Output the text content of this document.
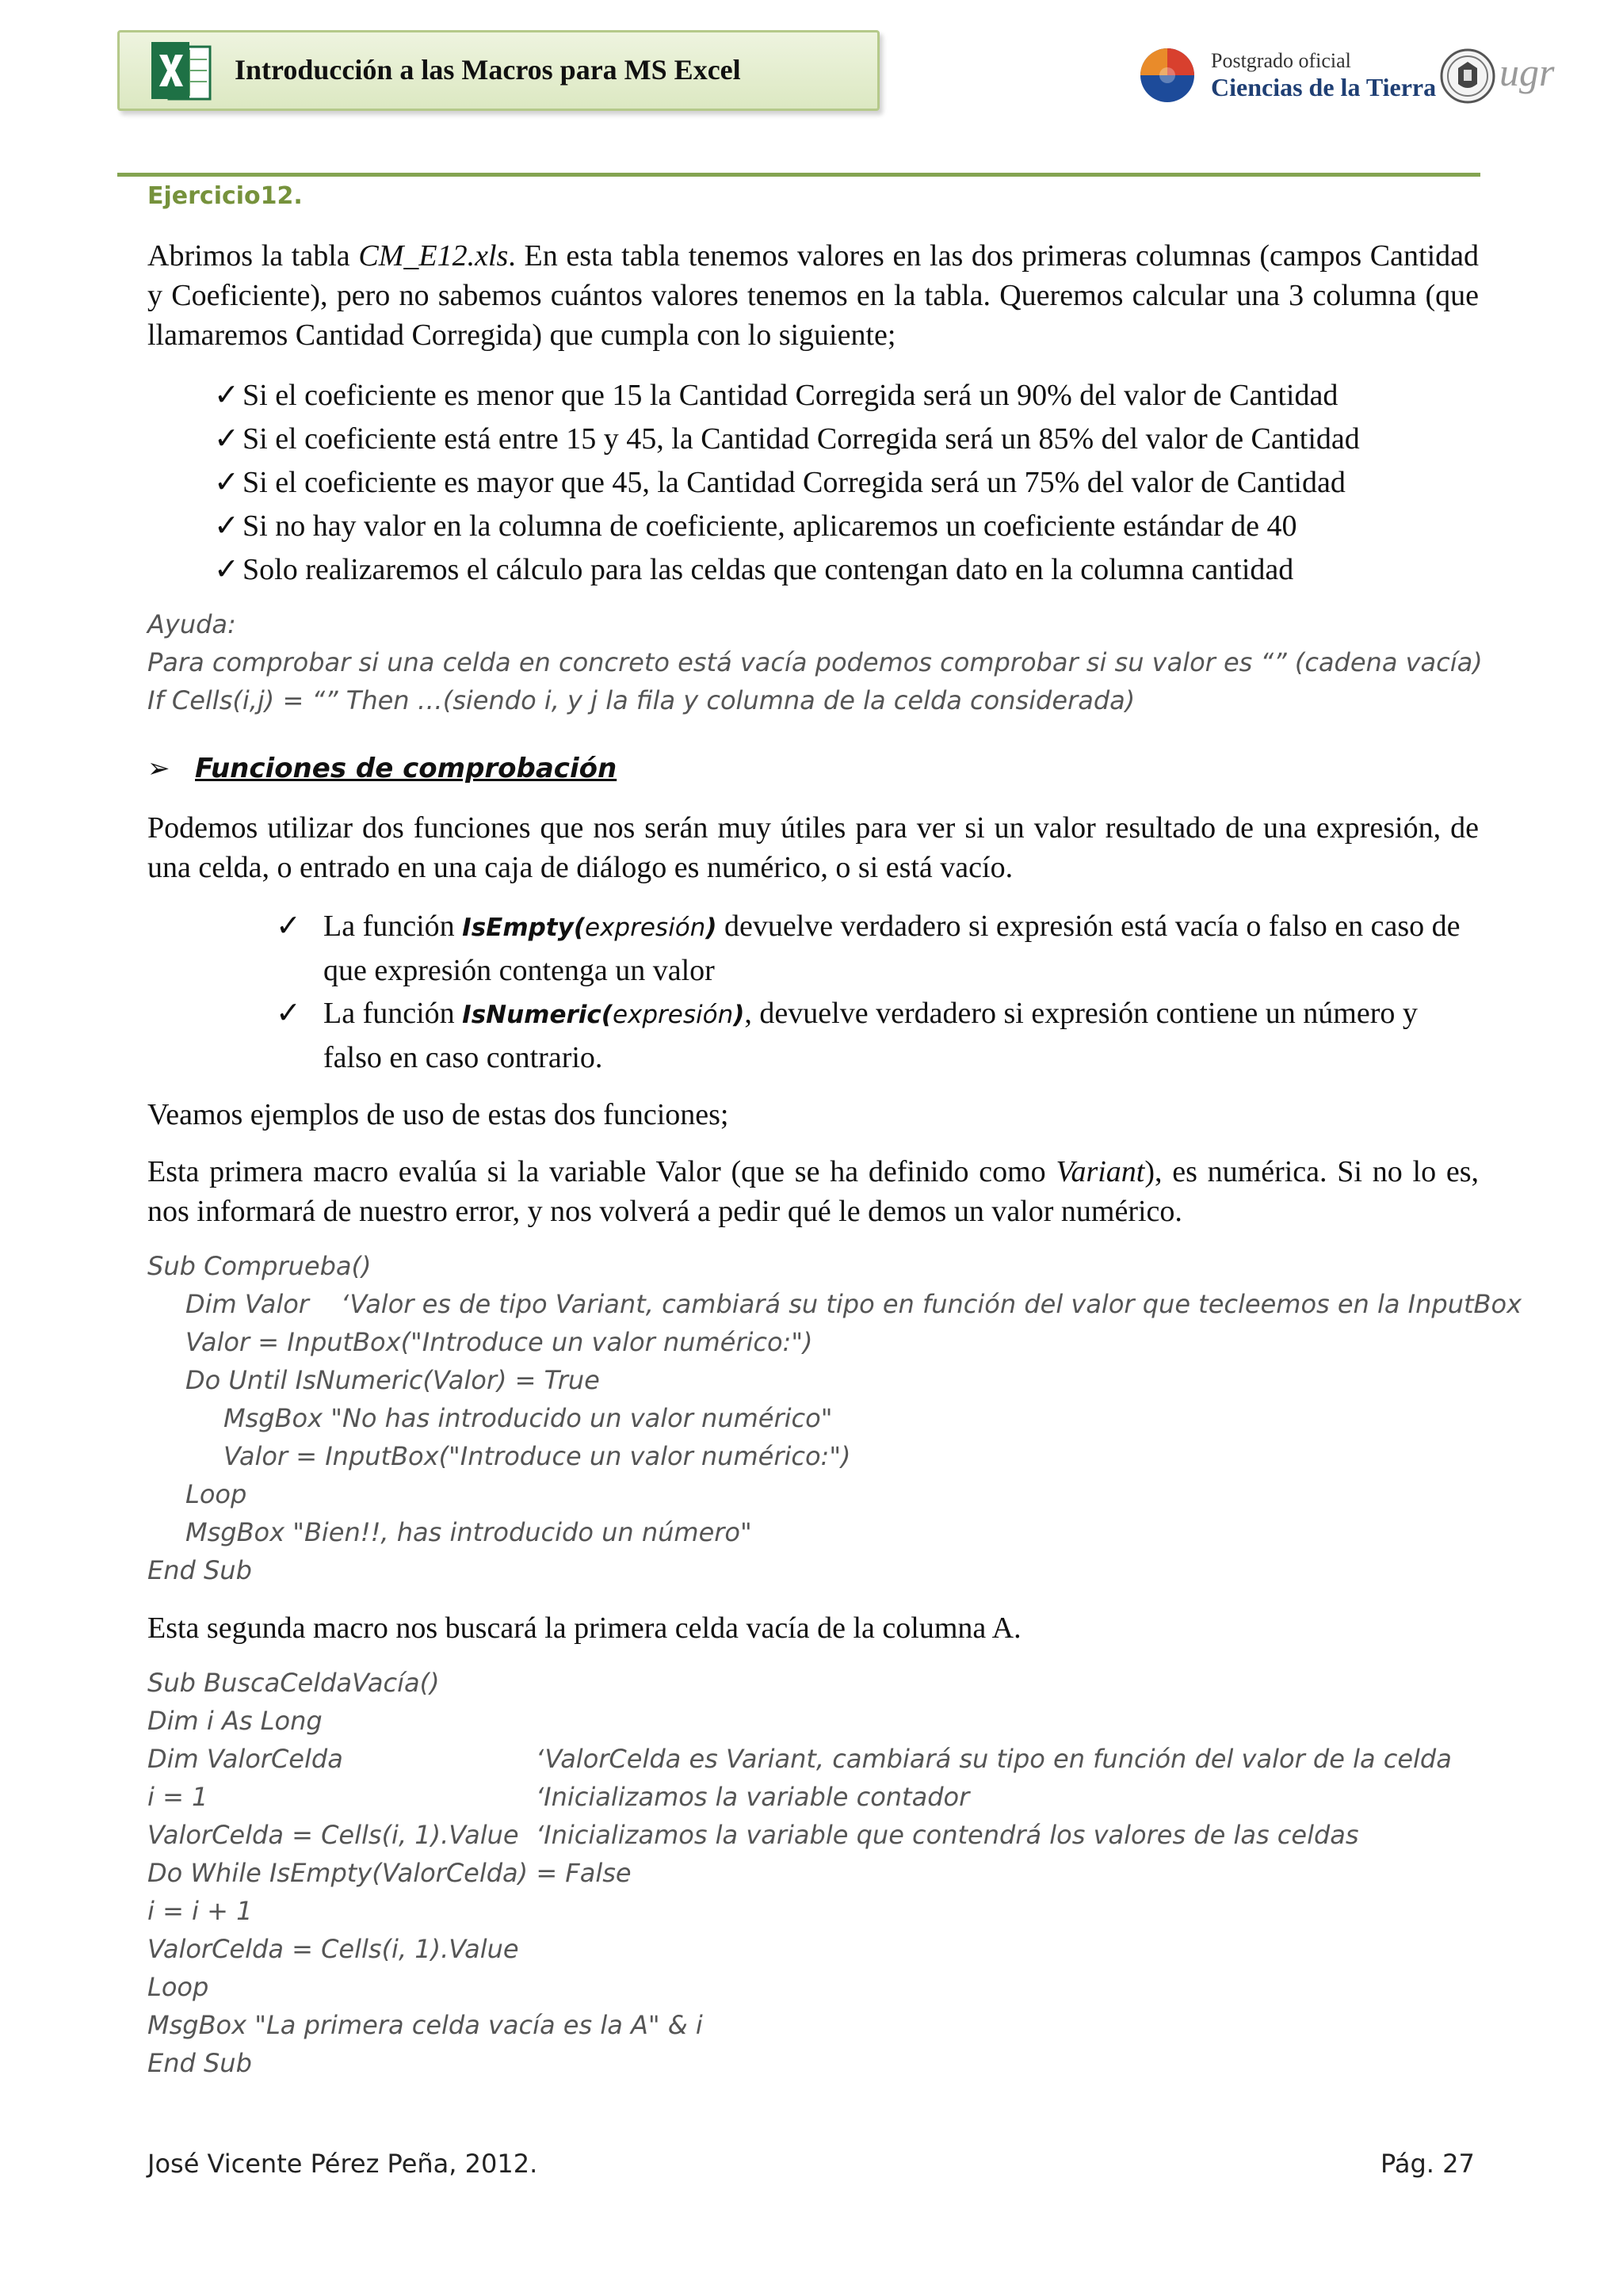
Introducción a las Macros para MS Excel	Postgrado oficial
Ciencias de la Tierra ugr
Ejercicio12.
Abrimos la tabla CM_E12.xls. En esta tabla tenemos valores en las dos primeras columnas (campos Cantidad y Coeficiente), pero no sabemos cuántos valores tenemos en la tabla. Queremos calcular una 3 columna (que llamaremos Cantidad Corregida) que cumpla con lo siguiente;
✓ Si el coeficiente es menor que 15 la Cantidad Corregida será un 90% del valor de Cantidad
✓ Si el coeficiente está entre 15 y 45, la Cantidad Corregida será un 85% del valor de Cantidad
✓ Si el coeficiente es mayor que 45, la Cantidad Corregida será un 75% del valor de Cantidad
✓ Si no hay valor en la columna de coeficiente, aplicaremos un coeficiente estándar de 40
✓ Solo realizaremos el cálculo para las celdas que contengan dato en la columna cantidad
Ayuda:
Para comprobar si una celda en concreto está vacía podemos comprobar si su valor es “” (cadena vacía)
If Cells(i,j) = “” Then …(siendo i, y j la fila y columna de la celda considerada)
➢ Funciones de comprobación
Podemos utilizar dos funciones que nos serán muy útiles para ver si un valor resultado de una expresión, de una celda, o entrado en una caja de diálogo es numérico, o si está vacío.
✓ La función IsEmpty(expresión) devuelve verdadero si expresión está vacía o falso en caso de que expresión contenga un valor
✓ La función IsNumeric(expresión), devuelve verdadero si expresión contiene un número y falso en caso contrario.
Veamos ejemplos de uso de estas dos funciones;
Esta primera macro evalúa si la variable Valor (que se ha definido como Variant), es numérica. Si no lo es, nos informará de nuestro error, y nos volverá a pedir qué le demos un valor numérico.
Sub Comprueba()
Dim Valor ‘Valor es de tipo Variant, cambiará su tipo en función del valor que tecleemos en la InputBox
Valor = InputBox("Introduce un valor numérico:")
Do Until IsNumeric(Valor) = True
MsgBox "No has introducido un valor numérico"
Valor = InputBox("Introduce un valor numérico:")
Loop
MsgBox "Bien!!, has introducido un número"
End Sub
Esta segunda macro nos buscará la primera celda vacía de la columna A.
Sub BuscaCeldaVacía()
Dim i As Long
Dim ValorCelda	‘ValorCelda es Variant, cambiará su tipo en función del valor de la celda
i = 1	‘Inicializamos la variable contador
ValorCelda = Cells(i, 1).Value ‘Inicializamos la variable que contendrá los valores de las celdas
Do While IsEmpty(ValorCelda) = False
i = i + 1
ValorCelda = Cells(i, 1).Value
Loop
MsgBox "La primera celda vacía es la A" & i
End Sub
José Vicente Pérez Peña, 2012.	Pág. 27
